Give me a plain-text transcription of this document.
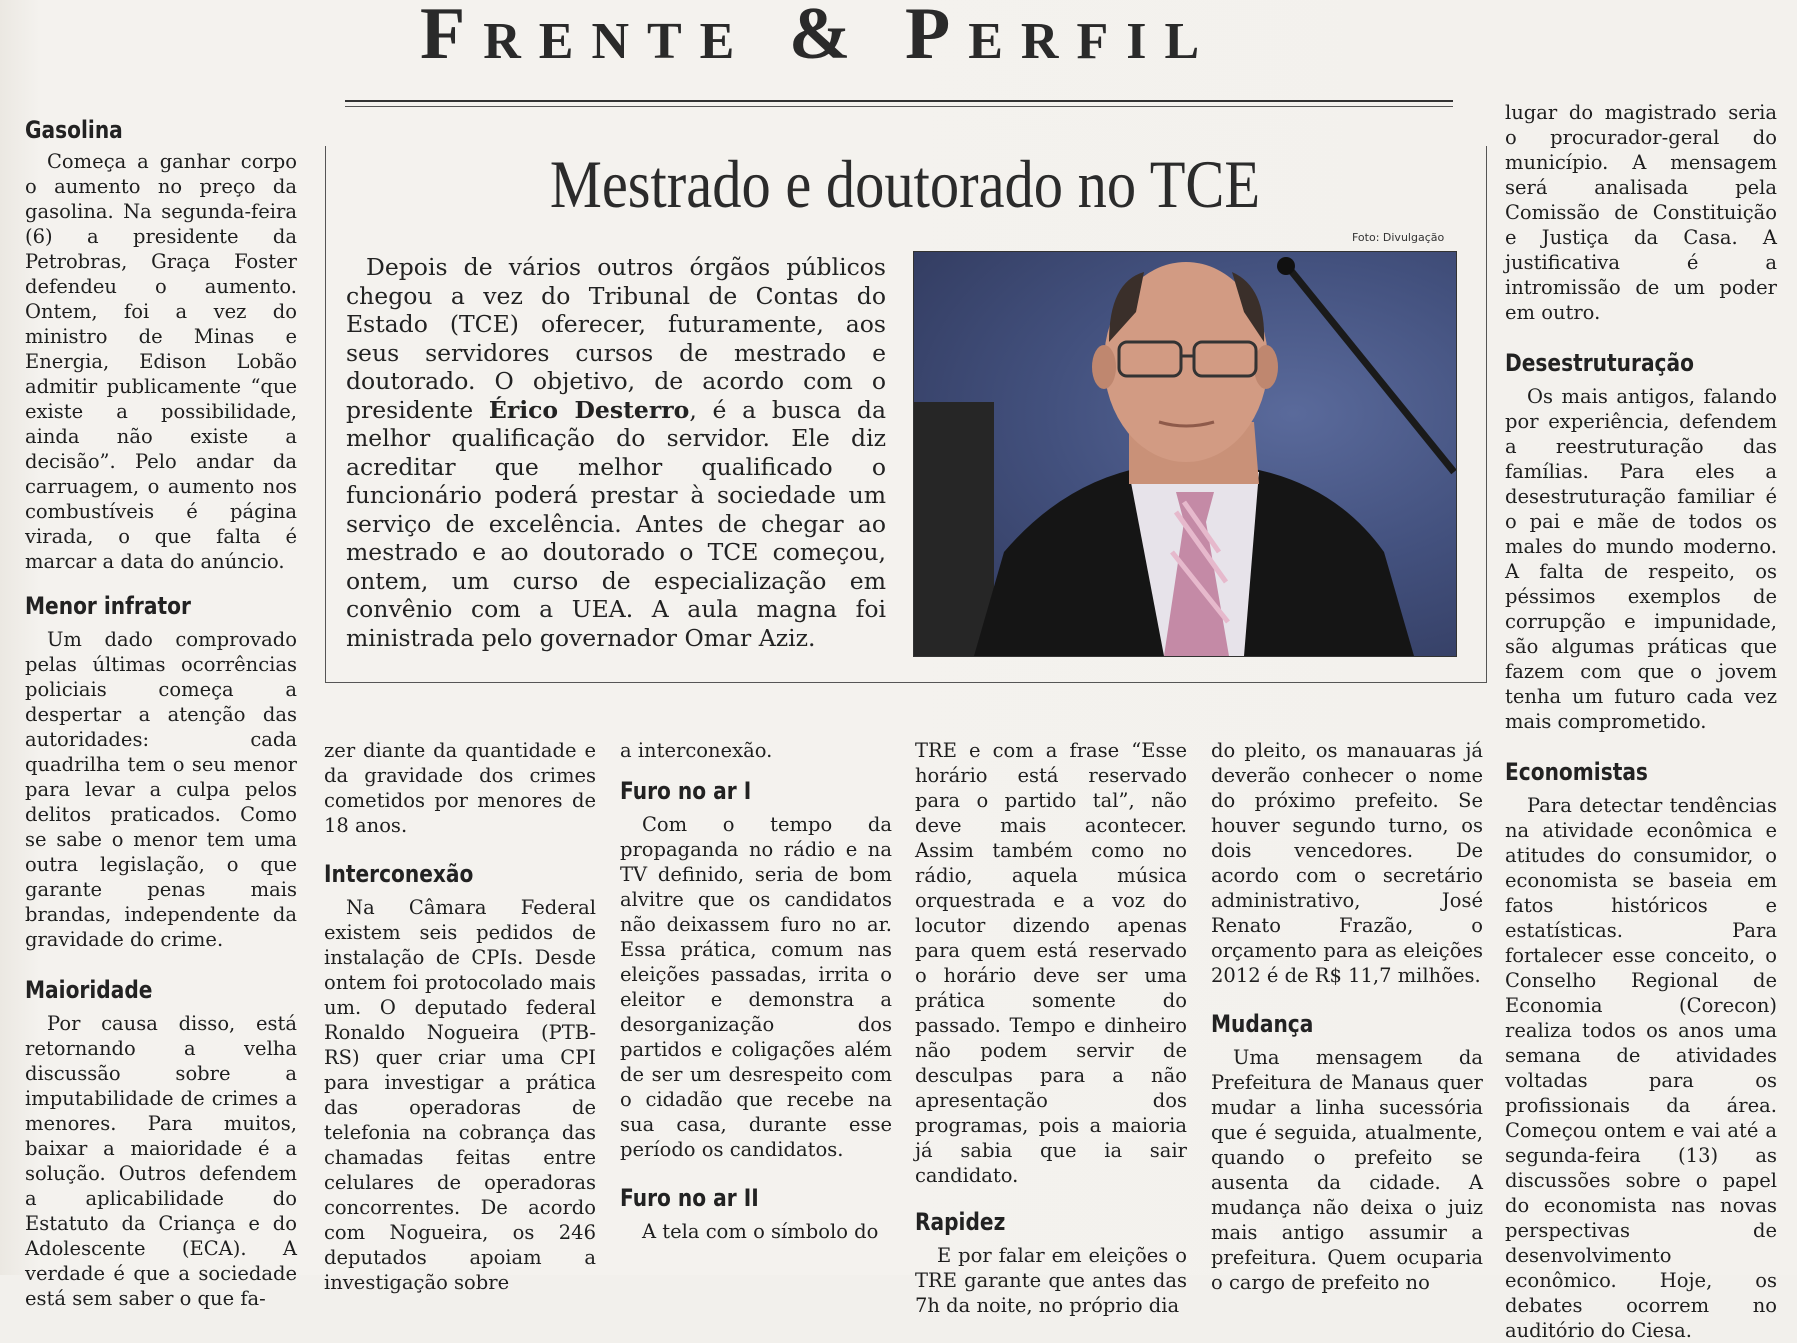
Frente & Perfil
Gasolina

Começa a ganhar corpo o aumento no preço da gasolina. Na segunda-feira (6) a presidente da Petrobras, Graça Foster defendeu o aumento. Ontem, foi a vez do ministro de Minas e Energia, Edison Lobão admitir publicamente “que existe a possibilidade, ainda não existe a decisão”. Pelo andar da carruagem, o aumento nos combustíveis é página virada, o que falta é marcar a data do anúncio.

Menor infrator

Um dado comprovado pelas últimas ocorrências policiais começa a despertar a atenção das autoridades: cada quadrilha tem o seu menor para levar a culpa pelos delitos praticados. Como se sabe o menor tem uma outra legislação, o que garante penas mais brandas, independente da gravidade do crime.

Maioridade

Por causa disso, está retornando a velha discussão sobre a imputabilidade de crimes a menores. Para muitos, baixar a maioridade é a solução. Outros defendem a aplicabilidade do Estatuto da Criança e do Adolescente (ECA). A verdade é que a sociedade está sem saber o que fa-

Mestrado e doutorado no TCE
Foto: Divulgação

Depois de vários outros órgãos públicos chegou a vez do Tribunal de Contas do Estado (TCE) oferecer, futuramente, aos seus servidores cursos de mestrado e doutorado. O objetivo, de acordo com o presidente Érico Desterro, é a busca da melhor qualificação do servidor. Ele diz acreditar que melhor qualificado o funcionário poderá prestar à sociedade um serviço de excelência. Antes de chegar ao mestrado e ao doutorado o TCE começou, ontem, um curso de especialização em convênio com a UEA. A aula magna foi ministrada pelo governador Omar Aziz.

zer diante da quantidade e da gravidade dos crimes cometidos por menores de 18 anos.

Interconexão

Na Câmara Federal existem seis pedidos de instalação de CPIs. Desde ontem foi protocolado mais um. O deputado federal Ronaldo Nogueira (PTB-RS) quer criar uma CPI para investigar a prática das operadoras de telefonia na cobrança das chamadas feitas entre celulares de operadoras concorrentes. De acordo com Nogueira, os 246 deputados apoiam a investigação sobre

a interconexão.

Furo no ar I

Com o tempo da propaganda no rádio e na TV definido, seria de bom alvitre que os candidatos não deixassem furo no ar. Essa prática, comum nas eleições passadas, irrita o eleitor e demonstra a desorganização dos partidos e coligações além de ser um desrespeito com o cidadão que recebe na sua casa, durante esse período os candidatos.

Furo no ar II

A tela com o símbolo do

TRE e com a frase “Esse horário está reservado para o partido tal”, não deve mais acontecer. Assim também como no rádio, aquela música orquestrada e a voz do locutor dizendo apenas para quem está reservado o horário deve ser uma prática somente do passado. Tempo e dinheiro não podem servir de desculpas para a não apresentação dos programas, pois a maioria já sabia que ia sair candidato.

Rapidez

E por falar em eleições o TRE garante que antes das 7h da noite, no próprio dia

do pleito, os manauaras já deverão conhecer o nome do próximo prefeito. Se houver segundo turno, os dois vencedores. De acordo com o secretário administrativo, José Renato Frazão, o orçamento para as eleições 2012 é de R$ 11,7 milhões.

Mudança

Uma mensagem da Prefeitura de Manaus quer mudar a linha sucessória que é seguida, atualmente, quando o prefeito se ausenta da cidade. A mudança não deixa o juiz mais antigo assumir a prefeitura. Quem ocuparia o cargo de prefeito no

lugar do magistrado seria o procurador-geral do município. A mensagem será analisada pela Comissão de Constituição e Justiça da Casa. A justificativa é a intromissão de um poder em outro.

Desestruturação

Os mais antigos, falando por experiência, defendem a reestruturação das famílias. Para eles a desestruturação familiar é o pai e mãe de todos os males do mundo moderno. A falta de respeito, os péssimos exemplos de corrupção e impunidade, são algumas práticas que fazem com que o jovem tenha um futuro cada vez mais comprometido.

Economistas

Para detectar tendências na atividade econômica e atitudes do consumidor, o economista se baseia em fatos históricos e estatísticas. Para fortalecer esse conceito, o Conselho Regional de Economia (Corecon) realiza todos os anos uma semana de atividades voltadas para os profissionais da área. Começou ontem e vai até a segunda-feira (13) as discussões sobre o papel do economista nas novas perspectivas de desenvolvimento econômico. Hoje, os debates ocorrem no auditório do Ciesa.
